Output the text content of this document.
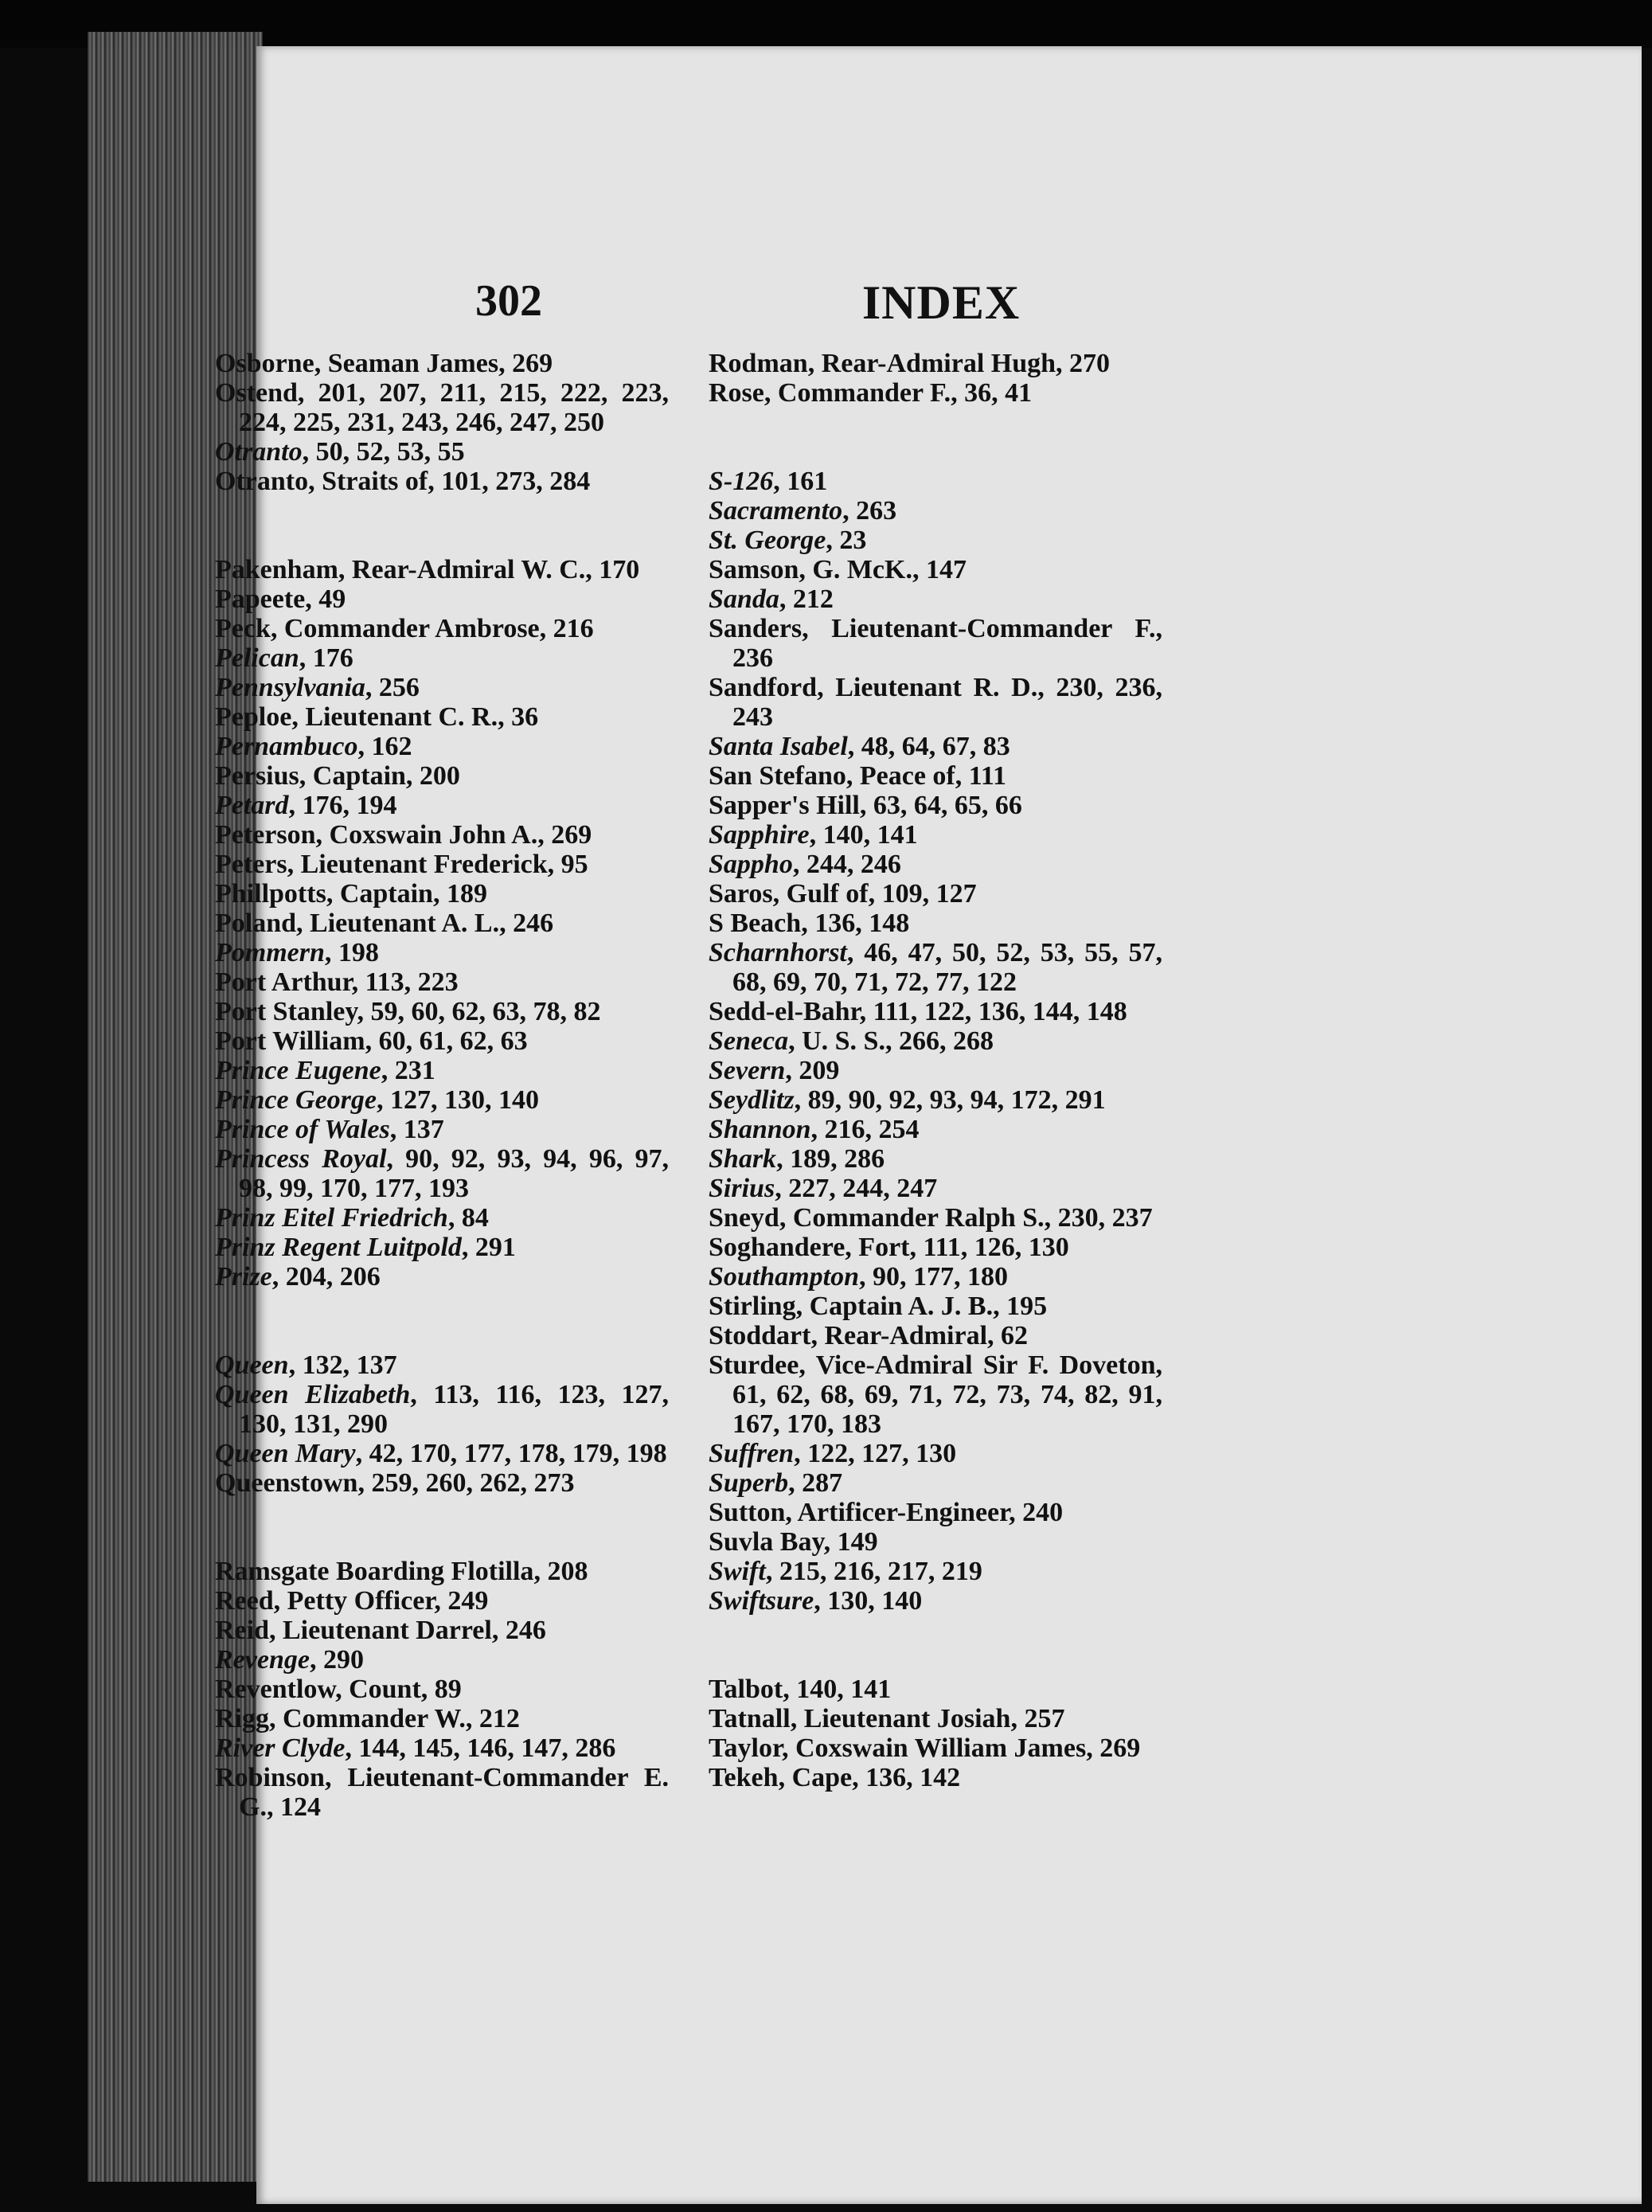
302	INDEX
Osborne, Seaman James, 269
Ostend, 201, 207, 211, 215, 222, 223, 224, 225, 231, 243, 246, 247, 250
Otranto, 50, 52, 53, 55
Otranto, Straits of, 101, 273, 284
Pakenham, Rear-Admiral W. C., 170
Papeete, 49
Peck, Commander Ambrose, 216
Pelican, 176
Pennsylvania, 256
Peploe, Lieutenant C. R., 36
Pernambuco, 162
Persius, Captain, 200
Petard, 176, 194
Peterson, Coxswain John A., 269
Peters, Lieutenant Frederick, 95
Phillpotts, Captain, 189
Poland, Lieutenant A. L., 246
Pommern, 198
Port Arthur, 113, 223
Port Stanley, 59, 60, 62, 63, 78, 82
Port William, 60, 61, 62, 63
Prince Eugene, 231
Prince George, 127, 130, 140
Prince of Wales, 137
Princess Royal, 90, 92, 93, 94, 96, 97, 98, 99, 170, 177, 193
Prinz Eitel Friedrich, 84
Prinz Regent Luitpold, 291
Prize, 204, 206
Queen, 132, 137
Queen Elizabeth, 113, 116, 123, 127, 130, 131, 290
Queen Mary, 42, 170, 177, 178, 179, 198
Queenstown, 259, 260, 262, 273
Ramsgate Boarding Flotilla, 208
Reed, Petty Officer, 249
Reid, Lieutenant Darrel, 246
Revenge, 290
Reventlow, Count, 89
Rigg, Commander W., 212
River Clyde, 144, 145, 146, 147, 286
Robinson, Lieutenant-Commander E. G., 124
Rodman, Rear-Admiral Hugh, 270
Rose, Commander F., 36, 41
S-126, 161
Sacramento, 263
St. George, 23
Samson, G. McK., 147
Sanda, 212
Sanders, Lieutenant-Commander F., 236
Sandford, Lieutenant R. D., 230, 236, 243
Santa Isabel, 48, 64, 67, 83
San Stefano, Peace of, 111
Sapper's Hill, 63, 64, 65, 66
Sapphire, 140, 141
Sappho, 244, 246
Saros, Gulf of, 109, 127
S Beach, 136, 148
Scharnhorst, 46, 47, 50, 52, 53, 55, 57, 68, 69, 70, 71, 72, 77, 122
Sedd-el-Bahr, 111, 122, 136, 144, 148
Seneca, U. S. S., 266, 268
Severn, 209
Seydlitz, 89, 90, 92, 93, 94, 172, 291
Shannon, 216, 254
Shark, 189, 286
Sirius, 227, 244, 247
Sneyd, Commander Ralph S., 230, 237
Soghandere, Fort, 111, 126, 130
Southampton, 90, 177, 180
Stirling, Captain A. J. B., 195
Stoddart, Rear-Admiral, 62
Sturdee, Vice-Admiral Sir F. Doveton, 61, 62, 68, 69, 71, 72, 73, 74, 82, 91, 167, 170, 183
Suffren, 122, 127, 130
Superb, 287
Sutton, Artificer-Engineer, 240
Suvla Bay, 149
Swift, 215, 216, 217, 219
Swiftsure, 130, 140
Talbot, 140, 141
Tatnall, Lieutenant Josiah, 257
Taylor, Coxswain William James, 269
Tekeh, Cape, 136, 142
